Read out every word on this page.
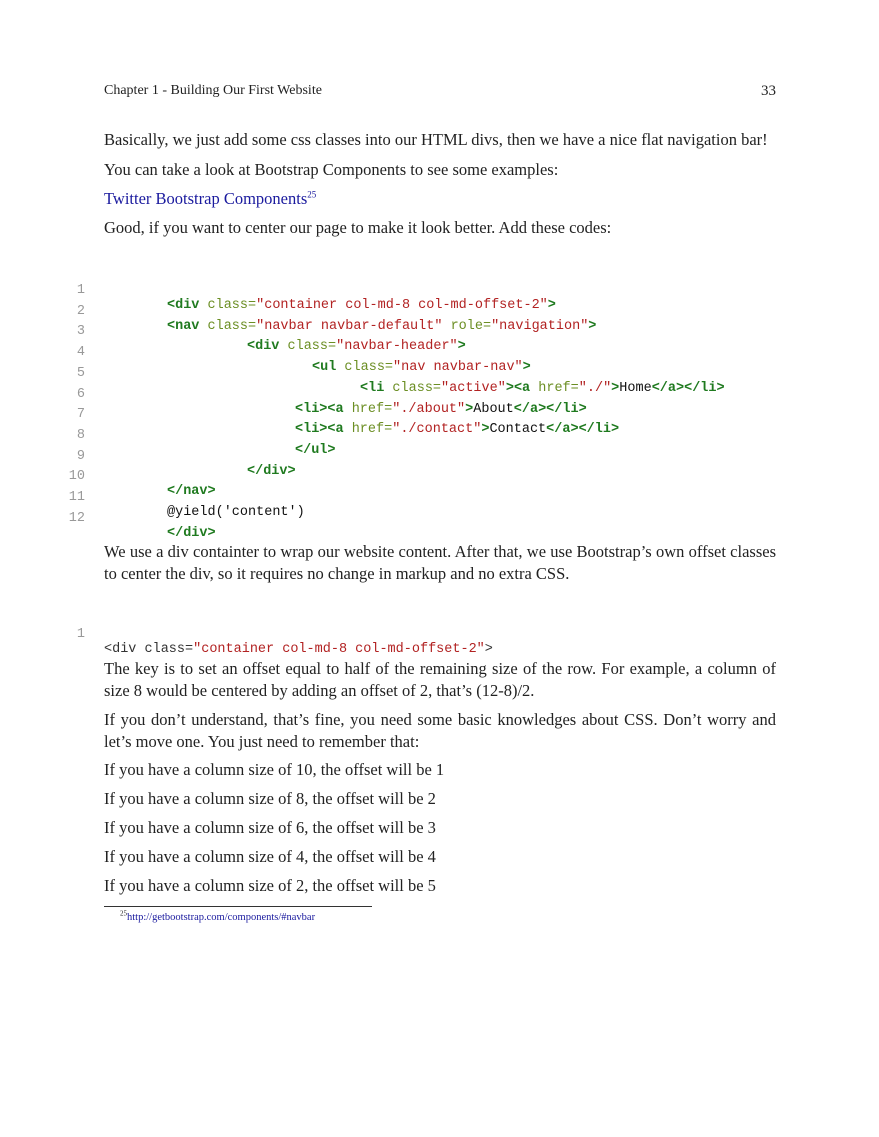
Chapter 1 - Building Our First Website	33
Basically, we just add some css classes into our HTML divs, then we have a nice flat navigation bar!
You can take a look at Bootstrap Components to see some examples:
Twitter Bootstrap Components$^{25}$
Good, if you want to center our page to make it look better. Add these codes:

1

<div class="container col-md-8 col-md-offset-2">

2

<nav class="navbar navbar-default" role="navigation">

3

<div class="navbar-header">

4

<ul class="nav navbar-nav">

5

<li class="active"><a href="./">Home</a></li>

6

<li><a href="./about">About</a></li>

7

<li><a href="./contact">Contact</a></li>

8

</ul>

9

</div>

10

</nav>

11

@yield('content')

12

</div>

We use a div containter to wrap our website content. After that, we use Bootstrap’s own offset classes to center the div, so it requires no change in markup and no extra CSS.

1

<div class="container col-md-8 col-md-offset-2">

The key is to set an offset equal to half of the remaining size of the row. For example, a column of size 8 would be centered by adding an offset of 2, that’s (12-8)/2.
If you don’t understand, that’s fine, you need some basic knowledges about CSS. Don’t worry and let’s move one. You just need to remember that:
If you have a column size of 10, the offset will be 1
If you have a column size of 8, the offset will be 2
If you have a column size of 6, the offset will be 3
If you have a column size of 4, the offset will be 4
If you have a column size of 2, the offset will be 5
$^{25}$http://getbootstrap.com/components/#navbar
